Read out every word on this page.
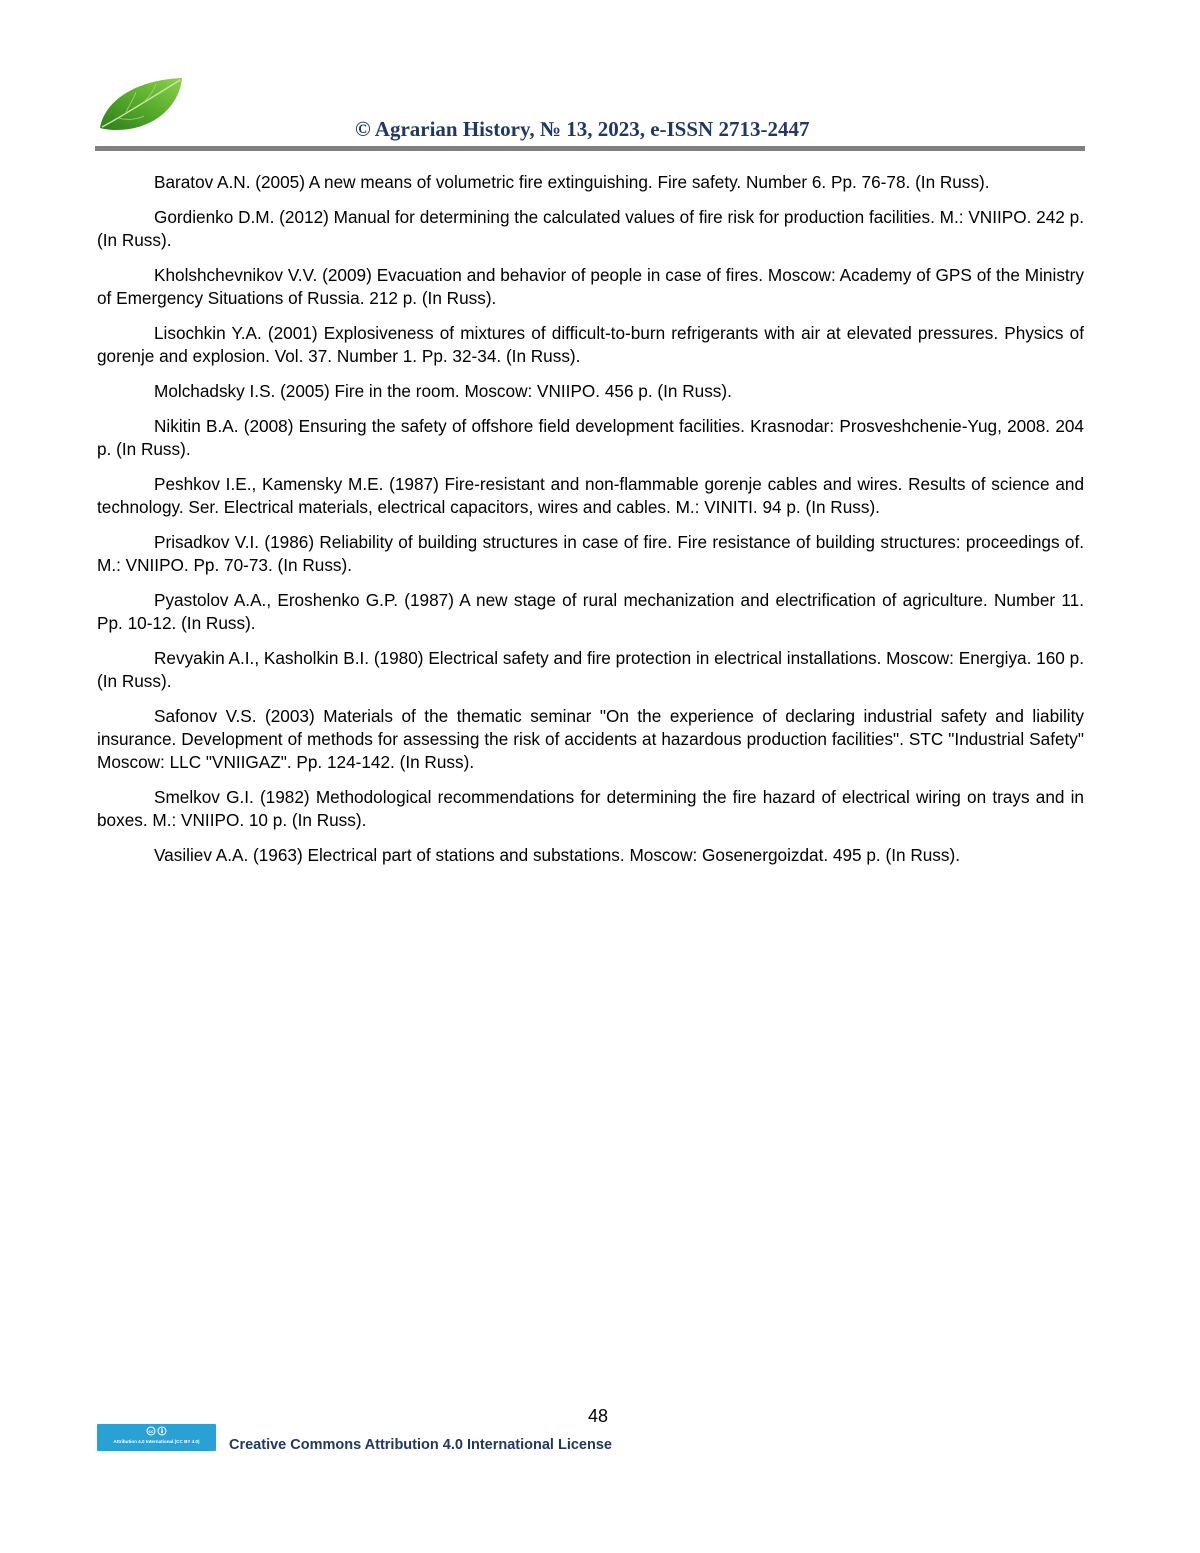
© Agrarian History, № 13, 2023, e-ISSN 2713-2447

Baratov A.N. (2005) A new means of volumetric fire extinguishing. Fire safety. Number 6. Pp. 76-78. (In Russ).

Gordienko D.M. (2012) Manual for determining the calculated values of fire risk for production facilities. M.: VNIIPO. 242 p. (In Russ).

Kholshchevnikov V.V. (2009) Evacuation and behavior of people in case of fires. Moscow: Academy of GPS of the Ministry of Emergency Situations of Russia. 212 p. (In Russ).

Lisochkin Y.A. (2001) Explosiveness of mixtures of difficult-to-burn refrigerants with air at elevated pressures. Physics of gorenje and explosion. Vol. 37. Number 1. Pp. 32-34. (In Russ).

Molchadsky I.S. (2005) Fire in the room. Moscow: VNIIPO. 456 p. (In Russ).

Nikitin B.A. (2008) Ensuring the safety of offshore field development facilities. Krasnodar: Prosveshchenie-Yug, 2008. 204 p. (In Russ).

Peshkov I.E., Kamensky M.E. (1987) Fire-resistant and non-flammable gorenje cables and wires. Results of science and technology. Ser. Electrical materials, electrical capacitors, wires and cables. M.: VINITI. 94 p. (In Russ).

Prisadkov V.I. (1986) Reliability of building structures in case of fire. Fire resistance of building structures: proceedings of. M.: VNIIPO. Pp. 70-73. (In Russ).

Pyastolov A.A., Eroshenko G.P. (1987) A new stage of rural mechanization and electrification of agriculture. Number 11. Pp. 10-12. (In Russ).

Revyakin A.I., Kasholkin B.I. (1980) Electrical safety and fire protection in electrical installations. Moscow: Energiya. 160 p. (In Russ).

Safonov V.S. (2003) Materials of the thematic seminar "On the experience of declaring industrial safety and liability insurance. Development of methods for assessing the risk of accidents at hazardous production facilities". STC "Industrial Safety" Moscow: LLC "VNIIGAZ". Pp. 124-142. (In Russ).

Smelkov G.I. (1982) Methodological recommendations for determining the fire hazard of electrical wiring on trays and in boxes. M.: VNIIPO. 10 p. (In Russ).

Vasiliev A.A. (1963) Electrical part of stations and substations. Moscow: Gosenergoizdat. 495 p. (In Russ).

48
cc
Attribution 4.0 International (CC BY 4.0)	Creative Commons Attribution 4.0 International License
